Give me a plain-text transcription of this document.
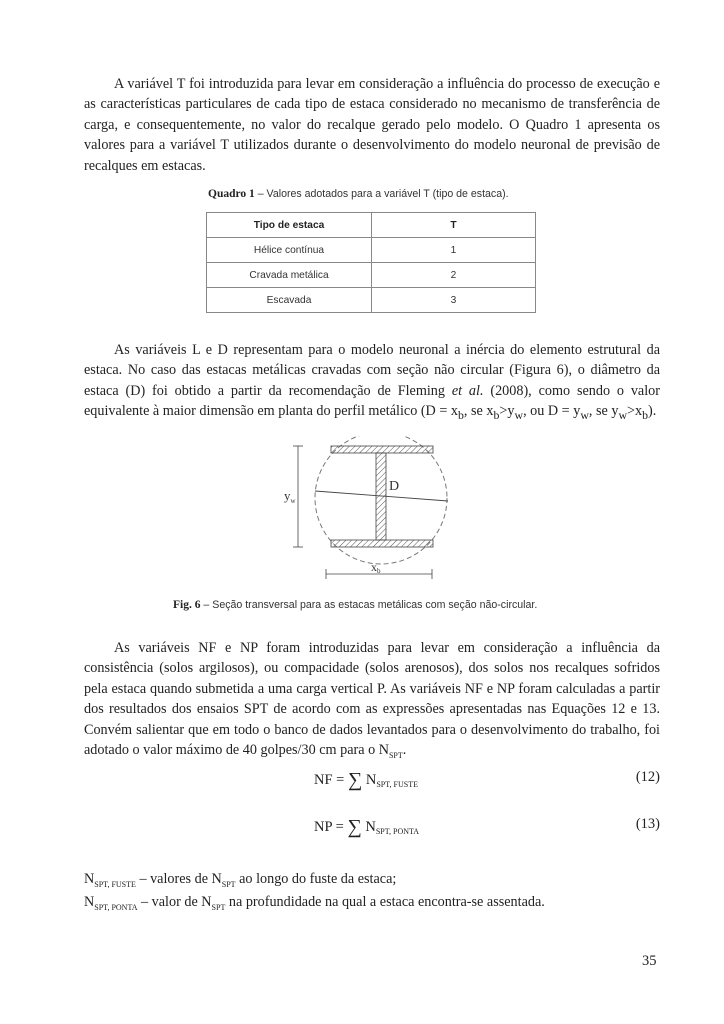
A variável T foi introduzida para levar em consideração a influência do processo de execução e as características particulares de cada tipo de estaca considerado no mecanismo de transferência de carga, e consequentemente, no valor do recalque gerado pelo modelo. O Quadro 1 apresenta os valores para a variável T utilizados durante o desenvolvimento do modelo neuronal de previsão de recalques em estacas.

Quadro 1 – Valores adotados para a variável T (tipo de estaca).
Tipo de estaca	T
Hélice contínua	1
Cravada metálica	2
Escavada	3

As variáveis L e D representam para o modelo neuronal a inércia do elemento estrutural da estaca. No caso das estacas metálicas cravadas com seção não circular (Figura 6), o diâmetro da estaca (D) foi obtido a partir da recomendação de Fleming et al. (2008), como sendo o valor equivalente à maior dimensão em planta do perfil metálico ($D = x_b$, se $x_b>y_w$, ou $D = y_w$, se $y_w>x_b$).

$y_w$
D
xb
Fig. 6 – Seção transversal para as estacas metálicas com seção não-circular.

As variáveis NF e NP foram introduzidas para levar em consideração a influência da consistência (solos argilosos), ou compacidade (solos arenosos), dos solos nos recalques sofridos pela estaca quando submetida a uma carga vertical P. As variáveis NF e NP foram calculadas a partir dos resultados dos ensaios SPT de acordo com as expressões apresentadas nas Equações 12 e 13. Convém salientar que em todo o banco de dados levantados para o desenvolvimento do trabalho, foi adotado o valor máximo de 40 golpes/30 cm para o $N_{SPT}$.

NF = ∑ $N_{SPT, FUSTE}$	(12)
NP = ∑ $N_{SPT, PONTA}$	(13)
$N_{SPT, FUSTE}$ – valores de $N_{SPT}$ ao longo do fuste da estaca;
$N_{SPT, PONTA}$ – valor de $N_{SPT}$ na profundidade na qual a estaca encontra-se assentada.
35
